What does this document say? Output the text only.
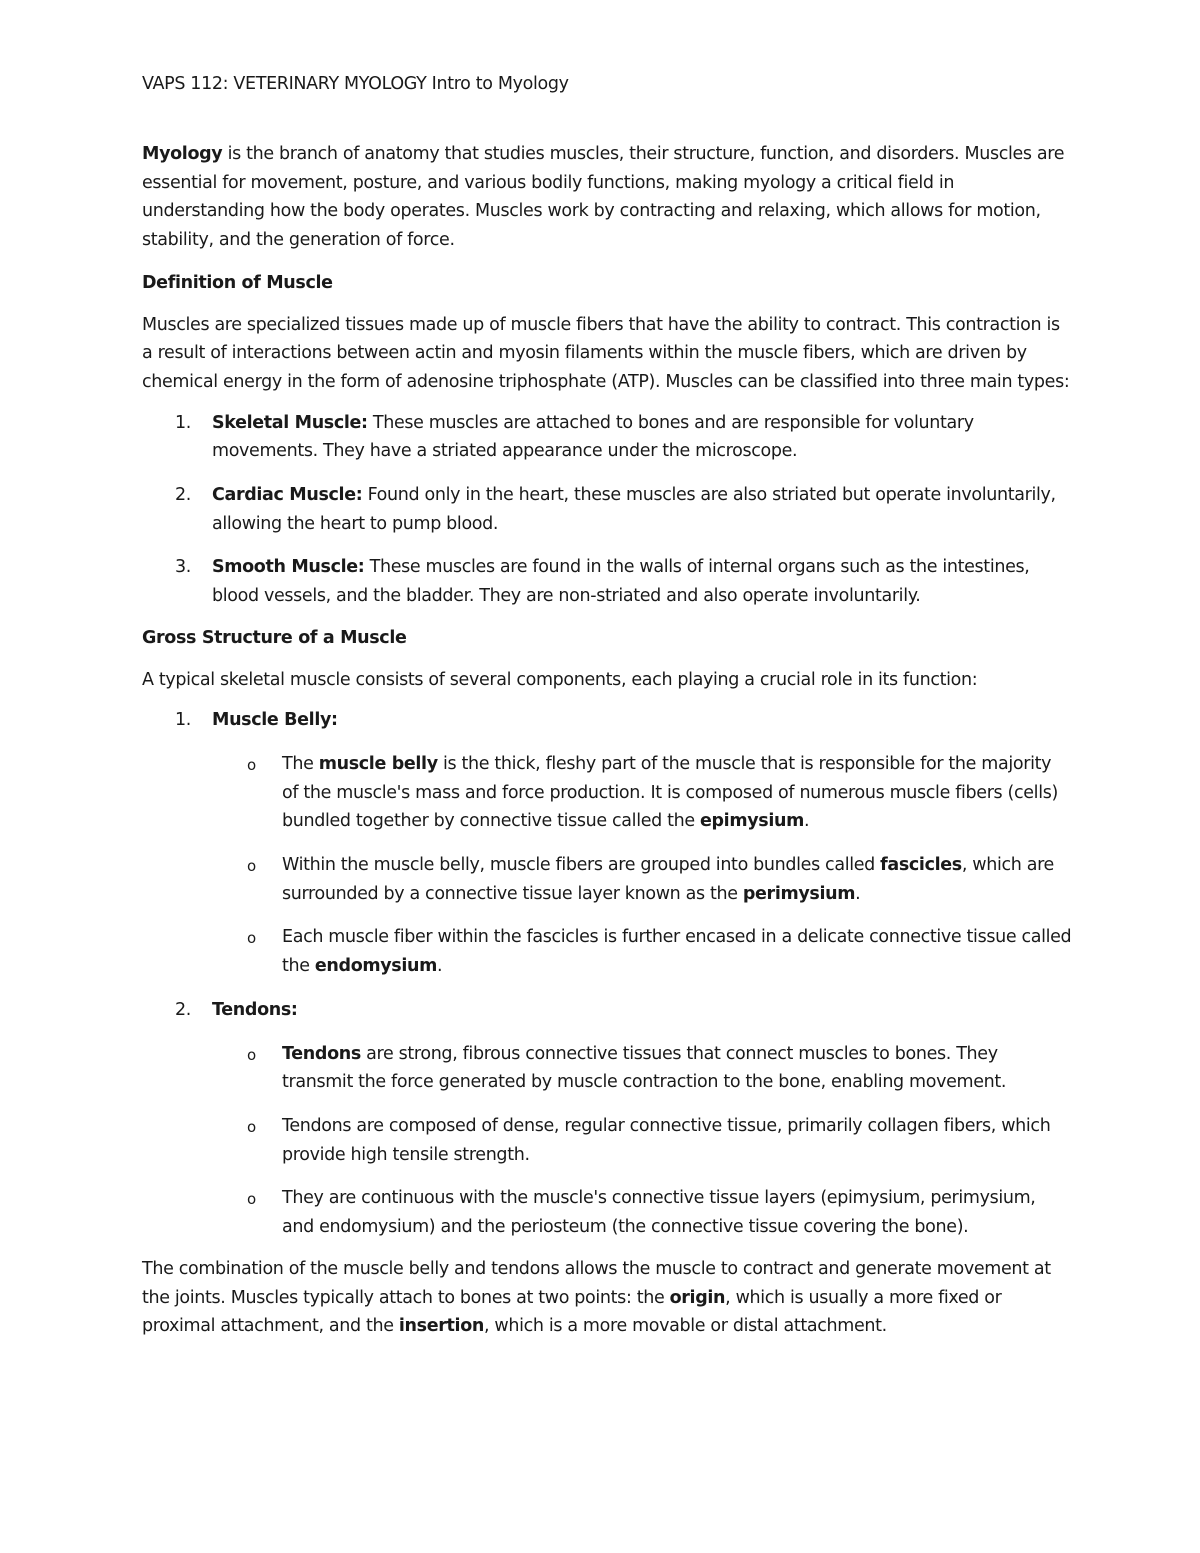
VAPS 112: VETERINARY MYOLOGY Intro to Myology

Myology is the branch of anatomy that studies muscles, their structure, function, and disorders. Muscles are essential for movement, posture, and various bodily functions, making myology a critical field in understanding how the body operates. Muscles work by contracting and relaxing, which allows for motion, stability, and the generation of force.

Definition of Muscle

Muscles are specialized tissues made up of muscle fibers that have the ability to contract. This contraction is a result of interactions between actin and myosin filaments within the muscle fibers, which are driven by chemical energy in the form of adenosine triphosphate (ATP). Muscles can be classified into three main types:

1. Skeletal Muscle: These muscles are attached to bones and are responsible for voluntary movements. They have a striated appearance under the microscope.

2. Cardiac Muscle: Found only in the heart, these muscles are also striated but operate involuntarily, allowing the heart to pump blood.

3. Smooth Muscle: These muscles are found in the walls of internal organs such as the intestines, blood vessels, and the bladder. They are non-striated and also operate involuntarily.

Gross Structure of a Muscle

A typical skeletal muscle consists of several components, each playing a crucial role in its function:

1. Muscle Belly:

o The muscle belly is the thick, fleshy part of the muscle that is responsible for the majority of the muscle's mass and force production. It is composed of numerous muscle fibers (cells) bundled together by connective tissue called the epimysium.

o Within the muscle belly, muscle fibers are grouped into bundles called fascicles, which are surrounded by a connective tissue layer known as the perimysium.

o Each muscle fiber within the fascicles is further encased in a delicate connective tissue called the endomysium.

2. Tendons:

o Tendons are strong, fibrous connective tissues that connect muscles to bones. They transmit the force generated by muscle contraction to the bone, enabling movement.

o Tendons are composed of dense, regular connective tissue, primarily collagen fibers, which provide high tensile strength.

o They are continuous with the muscle's connective tissue layers (epimysium, perimysium, and endomysium) and the periosteum (the connective tissue covering the bone).

The combination of the muscle belly and tendons allows the muscle to contract and generate movement at the joints. Muscles typically attach to bones at two points: the origin, which is usually a more fixed or proximal attachment, and the insertion, which is a more movable or distal attachment.
